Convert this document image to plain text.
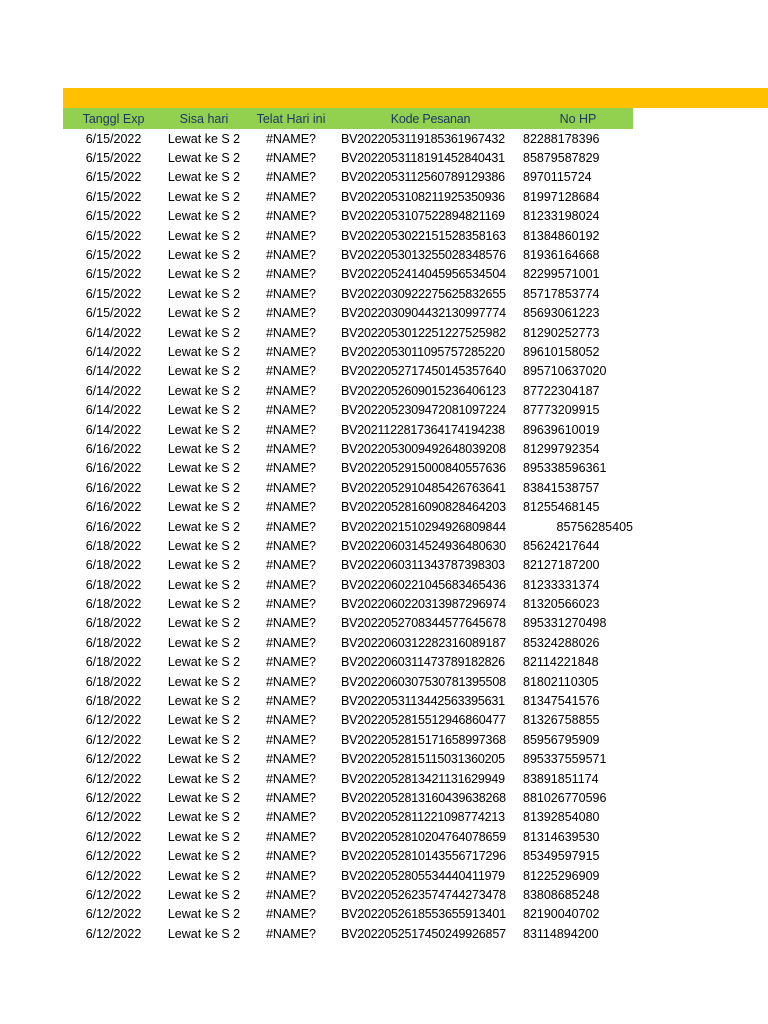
Tanggl Exp	Sisa hari	Telat Hari ini	Kode Pesanan	No HP
6/15/2022	Lewat ke S 2	#NAME?	BV2022053119185361967432	82288178396
6/15/2022	Lewat ke S 2	#NAME?	BV2022053118191452840431	85879587829
6/15/2022	Lewat ke S 2	#NAME?	BV2022053112560789129386	8970115724
6/15/2022	Lewat ke S 2	#NAME?	BV2022053108211925350936	81997128684
6/15/2022	Lewat ke S 2	#NAME?	BV2022053107522894821169	81233198024
6/15/2022	Lewat ke S 2	#NAME?	BV2022053022151528358163	81384860192
6/15/2022	Lewat ke S 2	#NAME?	BV2022053013255028348576	81936164668
6/15/2022	Lewat ke S 2	#NAME?	BV2022052414045956534504	82299571001
6/15/2022	Lewat ke S 2	#NAME?	BV2022030922275625832655	85717853774
6/15/2022	Lewat ke S 2	#NAME?	BV2022030904432130997774	85693061223
6/14/2022	Lewat ke S 2	#NAME?	BV2022053012251227525982	81290252773
6/14/2022	Lewat ke S 2	#NAME?	BV2022053011095757285220	89610158052
6/14/2022	Lewat ke S 2	#NAME?	BV2022052717450145357640	895710637020
6/14/2022	Lewat ke S 2	#NAME?	BV2022052609015236406123	87722304187
6/14/2022	Lewat ke S 2	#NAME?	BV2022052309472081097224	87773209915
6/14/2022	Lewat ke S 2	#NAME?	BV2021122817364174194238	89639610019
6/16/2022	Lewat ke S 2	#NAME?	BV2022053009492648039208	81299792354
6/16/2022	Lewat ke S 2	#NAME?	BV2022052915000840557636	895338596361
6/16/2022	Lewat ke S 2	#NAME?	BV2022052910485426763641	83841538757
6/16/2022	Lewat ke S 2	#NAME?	BV2022052816090828464203	81255468145
6/16/2022	Lewat ke S 2	#NAME?	BV2022021510294926809844	85756285405
6/18/2022	Lewat ke S 2	#NAME?	BV2022060314524936480630	85624217644
6/18/2022	Lewat ke S 2	#NAME?	BV2022060311343787398303	82127187200
6/18/2022	Lewat ke S 2	#NAME?	BV2022060221045683465436	81233331374
6/18/2022	Lewat ke S 2	#NAME?	BV2022060220313987296974	81320566023
6/18/2022	Lewat ke S 2	#NAME?	BV2022052708344577645678	895331270498
6/18/2022	Lewat ke S 2	#NAME?	BV2022060312282316089187	85324288026
6/18/2022	Lewat ke S 2	#NAME?	BV2022060311473789182826	82114221848
6/18/2022	Lewat ke S 2	#NAME?	BV2022060307530781395508	81802110305
6/18/2022	Lewat ke S 2	#NAME?	BV2022053113442563395631	81347541576
6/12/2022	Lewat ke S 2	#NAME?	BV2022052815512946860477	81326758855
6/12/2022	Lewat ke S 2	#NAME?	BV2022052815171658997368	85956795909
6/12/2022	Lewat ke S 2	#NAME?	BV2022052815115031360205	895337559571
6/12/2022	Lewat ke S 2	#NAME?	BV2022052813421131629949	83891851174
6/12/2022	Lewat ke S 2	#NAME?	BV2022052813160439638268	881026770596
6/12/2022	Lewat ke S 2	#NAME?	BV2022052811221098774213	81392854080
6/12/2022	Lewat ke S 2	#NAME?	BV2022052810204764078659	81314639530
6/12/2022	Lewat ke S 2	#NAME?	BV2022052810143556717296	85349597915
6/12/2022	Lewat ke S 2	#NAME?	BV2022052805534440411979	81225296909
6/12/2022	Lewat ke S 2	#NAME?	BV2022052623574744273478	83808685248
6/12/2022	Lewat ke S 2	#NAME?	BV2022052618553655913401	82190040702
6/12/2022	Lewat ke S 2	#NAME?	BV2022052517450249926857	83114894200
